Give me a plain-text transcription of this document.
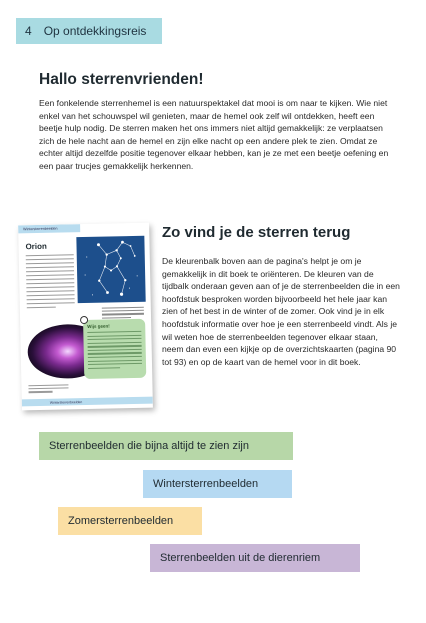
4 Op ontdekkingsreis
Hallo sterrenvrienden!

Een fonkelende sterrenhemel is een natuurspektakel dat mooi is om naar te kijken. Wie niet enkel van het schouwspel wil genieten, maar de hemel ook zelf wil ontdekken, heeft een beetje hulp nodig. De sterren maken het ons immers niet altijd gemakkelijk: ze verplaatsen zich de hele nacht aan de hemel en zijn elke nacht op een andere plek te zien. Omdat ze echter altijd dezelfde positie tegenover elkaar hebben, kan je ze met een beetje oefening en een paar trucjes gemakkelijk herkennen.

Wintersterrenbeelden
Orion
Wijs geen!
Wintersterrenbeelden
Zo vind je de sterren terug

De kleurenbalk boven aan de pagina's helpt je om je gemakkelijk in dit boek te oriënteren. De kleuren van de tijdbalk onderaan geven aan of je de sterrenbeelden die in een hoofdstuk besproken worden bijvoorbeeld het hele jaar kan zien of het best in de winter of de zomer. Ook vind je in elk hoofdstuk informatie over hoe je een sterrenbeeld vindt. Als je wil weten hoe de sterrenbeelden tegenover elkaar staan, neem dan even een kijkje op de overzichtskaarten (pagina 90 tot 93) en op de kaart van de hemel voor in dit boek.

Sterrenbeelden die bijna altijd te zien zijn
Wintersterrenbeelden
Zomersterrenbeelden
Sterrenbeelden uit de dierenriem
